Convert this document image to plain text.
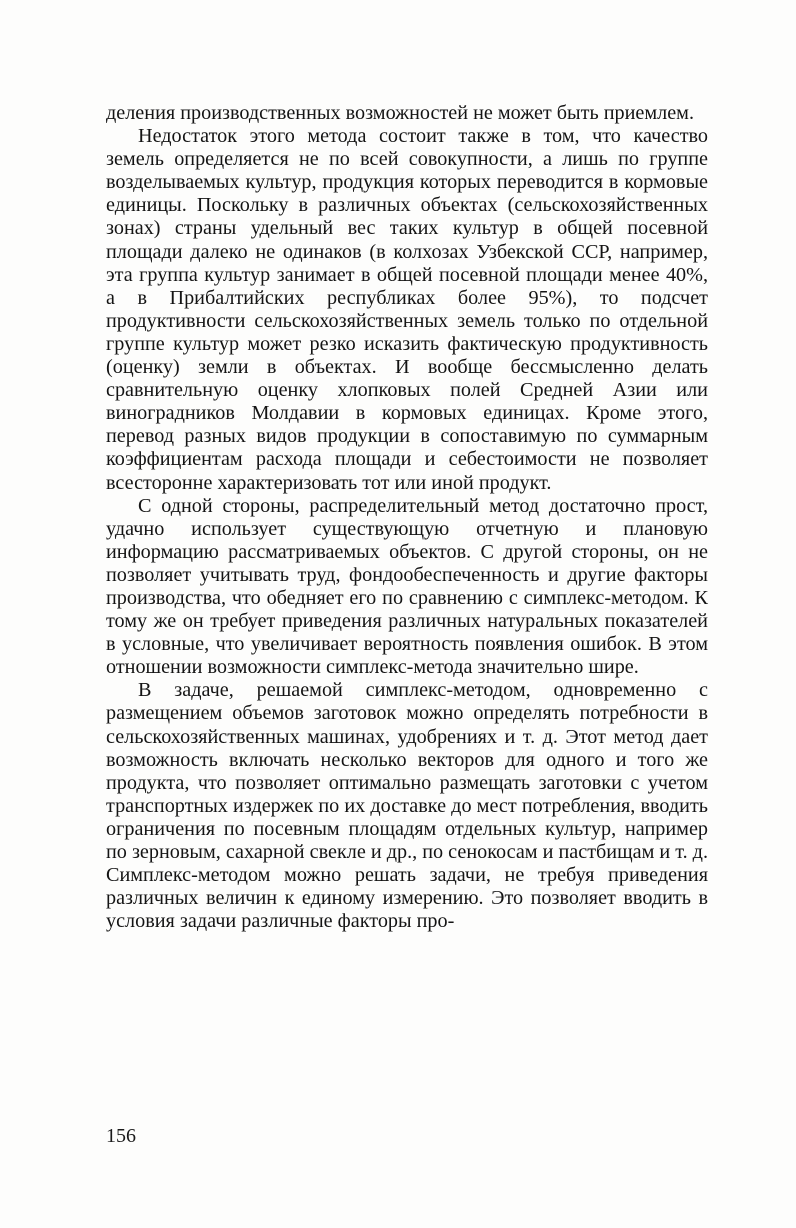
деления производственных возможностей не может быть приемлем.

Недостаток этого метода состоит также в том, что качество земель определяется не по всей совокупности, а лишь по группе возделываемых культур, продукция которых переводится в кормовые единицы. Поскольку в различных объектах (сельскохозяйственных зонах) страны удельный вес таких культур в общей посевной площади далеко не одинаков (в колхозах Узбекской ССР, например, эта группа культур занимает в общей посевной площади менее 40%, а в Прибалтийских республиках более 95%), то подсчет продуктивности сельскохозяйственных земель только по отдельной группе культур может резко исказить фактическую продуктивность (оценку) земли в объектах. И вообще бессмысленно делать сравнительную оценку хлопковых полей Средней Азии или виноградников Молдавии в кормовых единицах. Кроме этого, перевод разных видов продукции в сопоставимую по суммарным коэффициентам расхода площади и себестоимости не позволяет всесторонне характеризовать тот или иной продукт.

С одной стороны, распределительный метод достаточно прост, удачно использует существующую отчетную и плановую информацию рассматриваемых объектов. С другой стороны, он не позволяет учитывать труд, фондообеспеченность и другие факторы производства, что обедняет его по сравнению с симплекс-методом. К тому же он требует приведения различных натуральных показателей в условные, что увеличивает вероятность появления ошибок. В этом отношении возможности симплекс-метода значительно шире.

В задаче, решаемой симплекс-методом, одновременно с размещением объемов заготовок можно определять потребности в сельскохозяйственных машинах, удобрениях и т. д. Этот метод дает возможность включать несколько векторов для одного и того же продукта, что позволяет оптимально размещать заготовки с учетом транспортных издержек по их доставке до мест потребления, вводить ограничения по посевным площадям отдельных культур, например по зерновым, сахарной свекле и др., по сенокосам и пастбищам и т. д. Симплекс-методом можно решать задачи, не требуя приведения различных величин к единому измерению. Это позволяет вводить в условия задачи различные факторы про-

156
